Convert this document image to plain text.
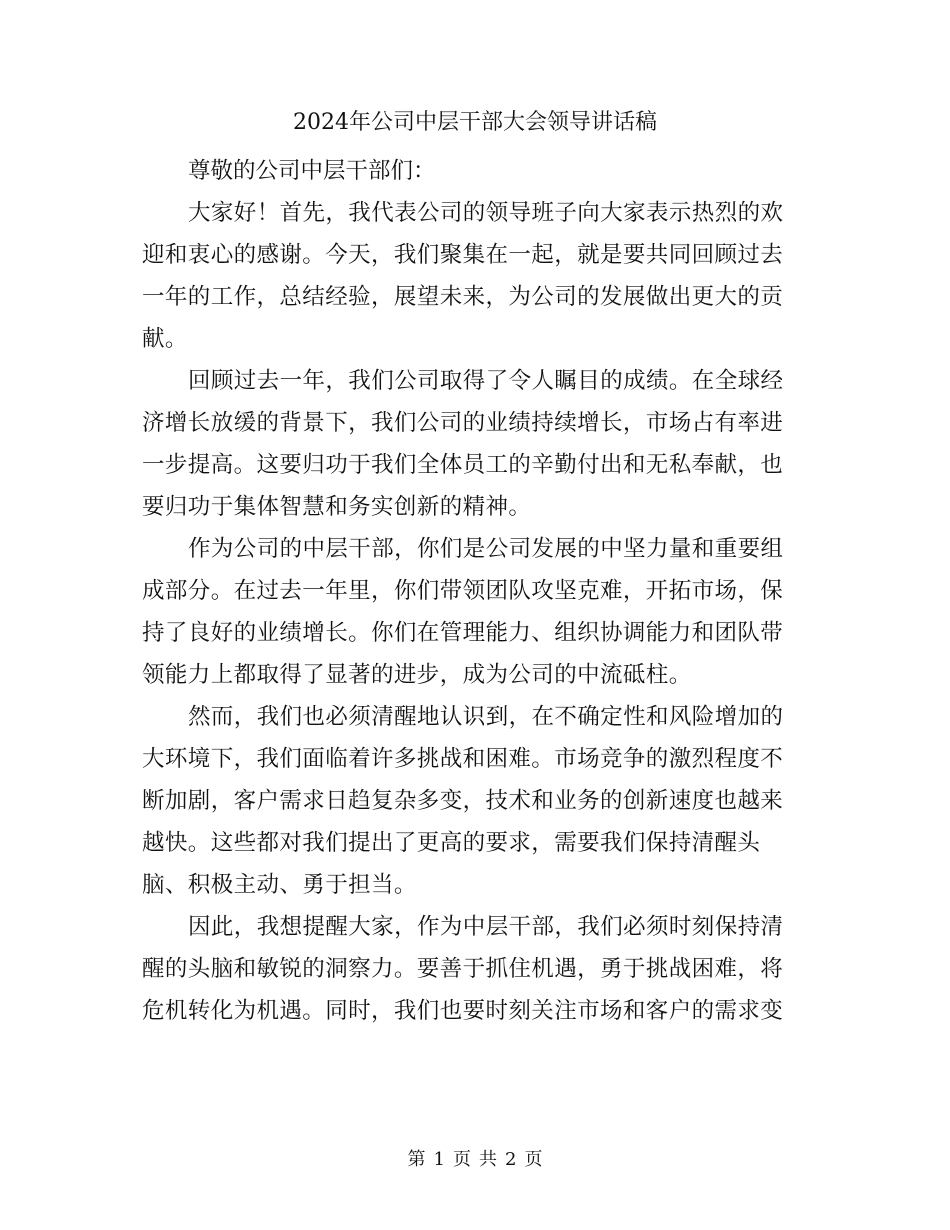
2024年公司中层干部大会领导讲话稿

尊敬的公司中层干部们：

大家好！首先，我代表公司的领导班子向大家表示热烈的欢
迎和衷心的感谢。今天，我们聚集在一起，就是要共同回顾过去
一年的工作，总结经验，展望未来，为公司的发展做出更大的贡
献。

回顾过去一年，我们公司取得了令人瞩目的成绩。在全球经
济增长放缓的背景下，我们公司的业绩持续增长，市场占有率进
一步提高。这要归功于我们全体员工的辛勤付出和无私奉献，也
要归功于集体智慧和务实创新的精神。

作为公司的中层干部，你们是公司发展的中坚力量和重要组
成部分。在过去一年里，你们带领团队攻坚克难，开拓市场，保
持了良好的业绩增长。你们在管理能力、组织协调能力和团队带
领能力上都取得了显著的进步，成为公司的中流砥柱。

然而，我们也必须清醒地认识到，在不确定性和风险增加的
大环境下，我们面临着许多挑战和困难。市场竞争的激烈程度不
断加剧，客户需求日趋复杂多变，技术和业务的创新速度也越来
越快。这些都对我们提出了更高的要求，需要我们保持清醒头
脑、积极主动、勇于担当。

因此，我想提醒大家，作为中层干部，我们必须时刻保持清
醒的头脑和敏锐的洞察力。要善于抓住机遇，勇于挑战困难，将
危机转化为机遇。同时，我们也要时刻关注市场和客户的需求变

第 1 页 共 2 页
